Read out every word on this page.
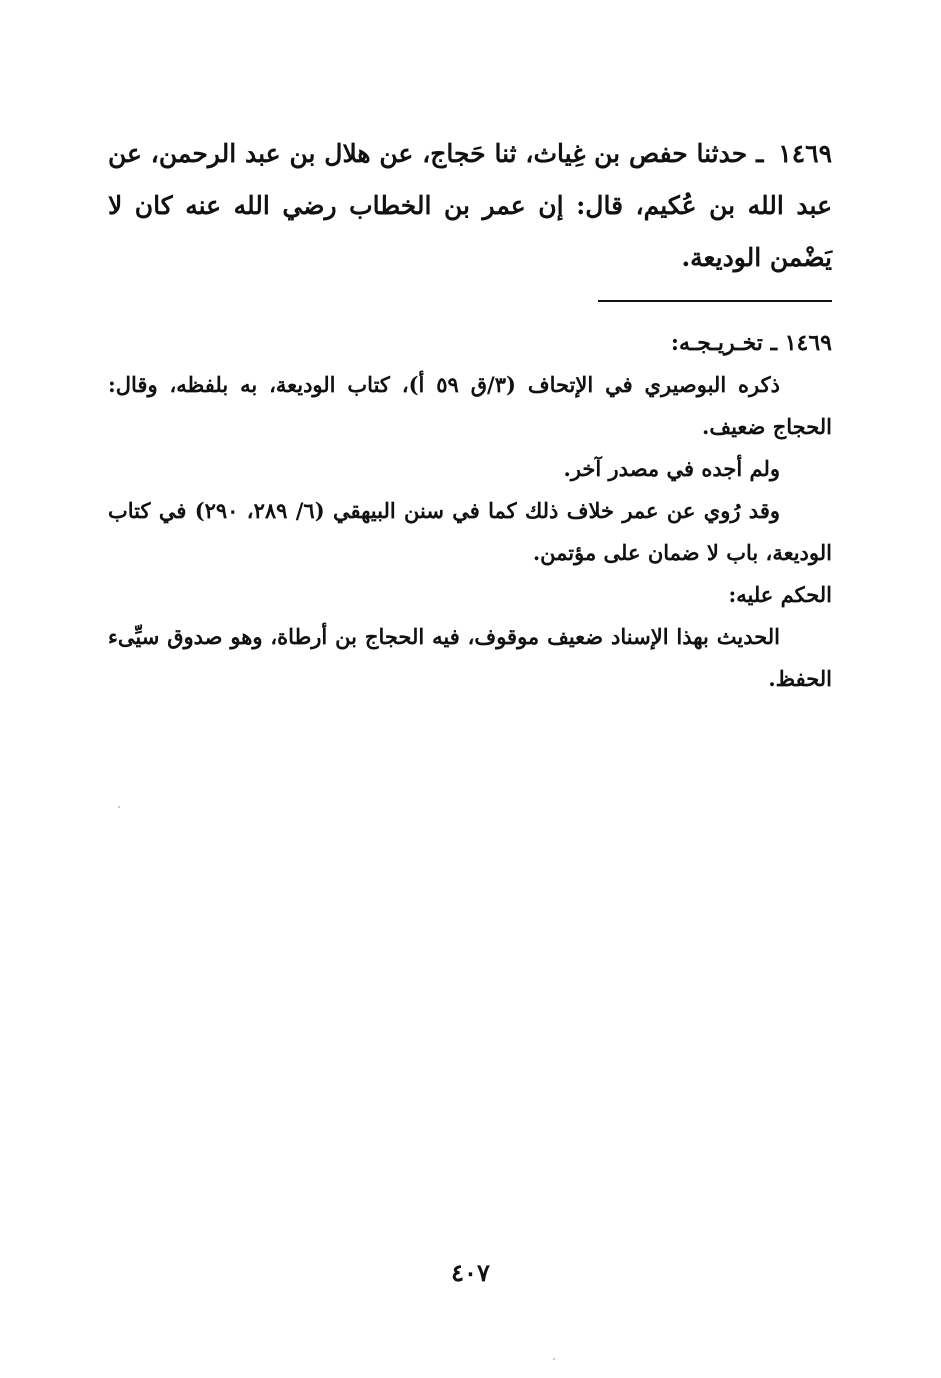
١٤٦٩ ـ حدثنا حفص بن غِياث، ثنا حَجاج، عن هلال بن عبد الرحمن، عن عبد الله بن عُكيم، قال: إن عمر بن الخطاب رضي الله عنه كان لا يَضْمن الوديعة.
١٤٦٩ ـ تخـريـجـه:

ذكره البوصيري في الإتحاف (٣/ق ٥٩ أ)، كتاب الوديعة، به بلفظه، وقال: الحجاج ضعيف.

ولم أجده في مصدر آخر.

وقد رُوي عن عمر خلاف ذلك كما في سنن البيهقي (٦/ ٢٨٩، ٢٩٠) في كتاب الوديعة، باب لا ضمان على مؤتمن.

الحكم عليه:

الحديث بهذا الإسناد ضعيف موقوف، فيه الحجاج بن أرطاة، وهو صدوق سيِّىء الحفظ.

٤٠٧
